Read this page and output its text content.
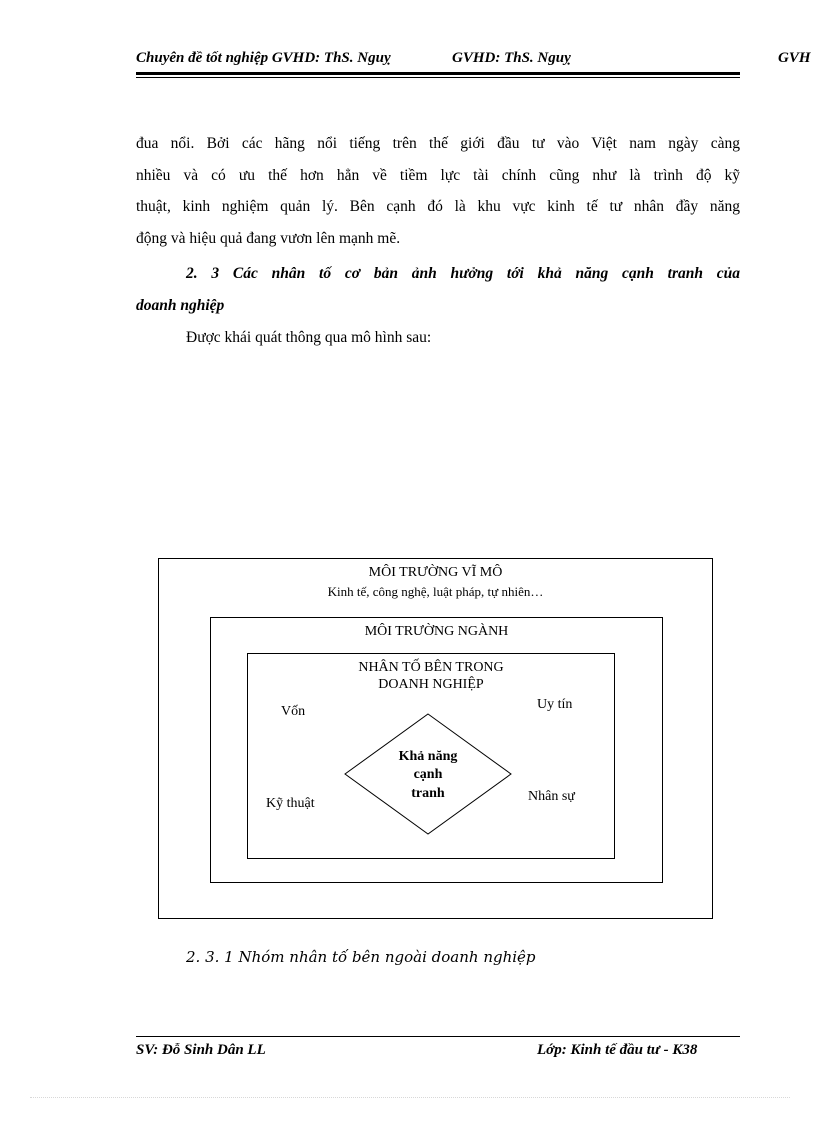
Chuyên đề tốt nghiệp GVHD: ThS. Nguỵ	GVHD: ThS. Nguỵ	GVH
đua nổi. Bởi các hãng nổi tiếng trên thế giới đầu tư vào Việt nam ngày càng
nhiều và có ưu thế hơn hẳn về tiềm lực tài chính cũng như là trình độ kỹ
thuật, kinh nghiệm quản lý. Bên cạnh đó là khu vực kinh tế tư nhân đầy năng
động và hiệu quả đang vươn lên mạnh mẽ.
2. 3 Các nhân tố cơ bản ảnh hưởng tới khả năng cạnh tranh của
doanh nghiệp
Được khái quát thông qua mô hình sau:
MÔI TRƯỜNG VĨ MÔ
Kinh tế, công nghệ, luật pháp, tự nhiên…
MÔI TRƯỜNG NGÀNH
NHÂN TỐ BÊN TRONG
DOANH NGHIỆP
Vốn	Uy tín
Kỹ thuật	Nhân sự
Khả năng
cạnh
tranh
2. 3. 1 Nhóm nhân tố bên ngoài doanh nghiệp
SV: Đỗ Sinh Dân LL	Lớp: Kinh tế đầu tư - K38
